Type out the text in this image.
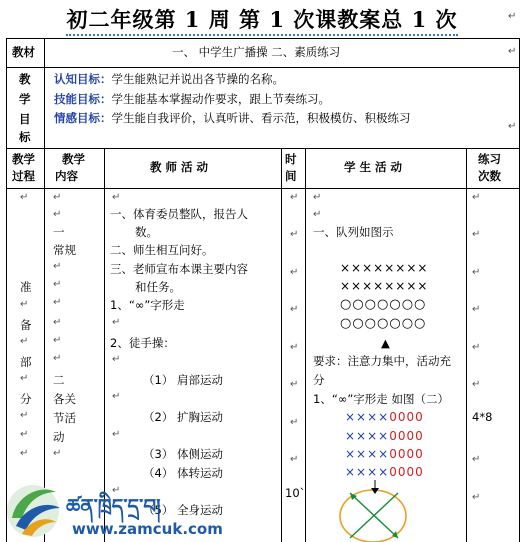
初二年级第 1 周 第 1 次课教案总 1 次
教材	一、 中学生广播操 二、素质练习
教
学
目
标
认知目标：学生能熟记并说出各节操的名称。
技能目标：学生能基本掌握动作要求，跟上节奏练习。
情感目标：学生能自我评价，认真听讲、看示范，积极模仿、积极练习
教学
过程
教学
内容
教 师 活 动
时
间
学 生 活 动
练习
次数
准
备
部
分
一
常规
二
各关
节活
动
一、体育委员整队，报告人
数。
二、师生相互问好。
三、老师宣布本课主要内容
和任务。
1、“∞”字形走
2、徒手操：
（1） 肩部运动
（2） 扩胸运动
（3） 体侧运动
（4） 体转运动
（5） 全身运动
10`
一、队列如图示
××××××××
××××××××
○○○○○○○
○○○○○○○
▲
要求：注意力集中，活动充
分
1、“∞”字形走 如图（二）
××××0000
××××0000
××××0000
××××0000
4*8
↵
↵
↵
↵
↵
↵	↵ ↵
↵
↵
↵
↵
↵
↵
↵
↵
↵
↵
↵
↵
↵
↵
↵
↵
↵
↵
↵
↵
↵
↵
↵
↵
↵
↵
↵
↵
↵
↵
↵
↵
↵
↵
↵
ཚན་ཁྲིད་དྲ་བ།
www.zamcuk.com
